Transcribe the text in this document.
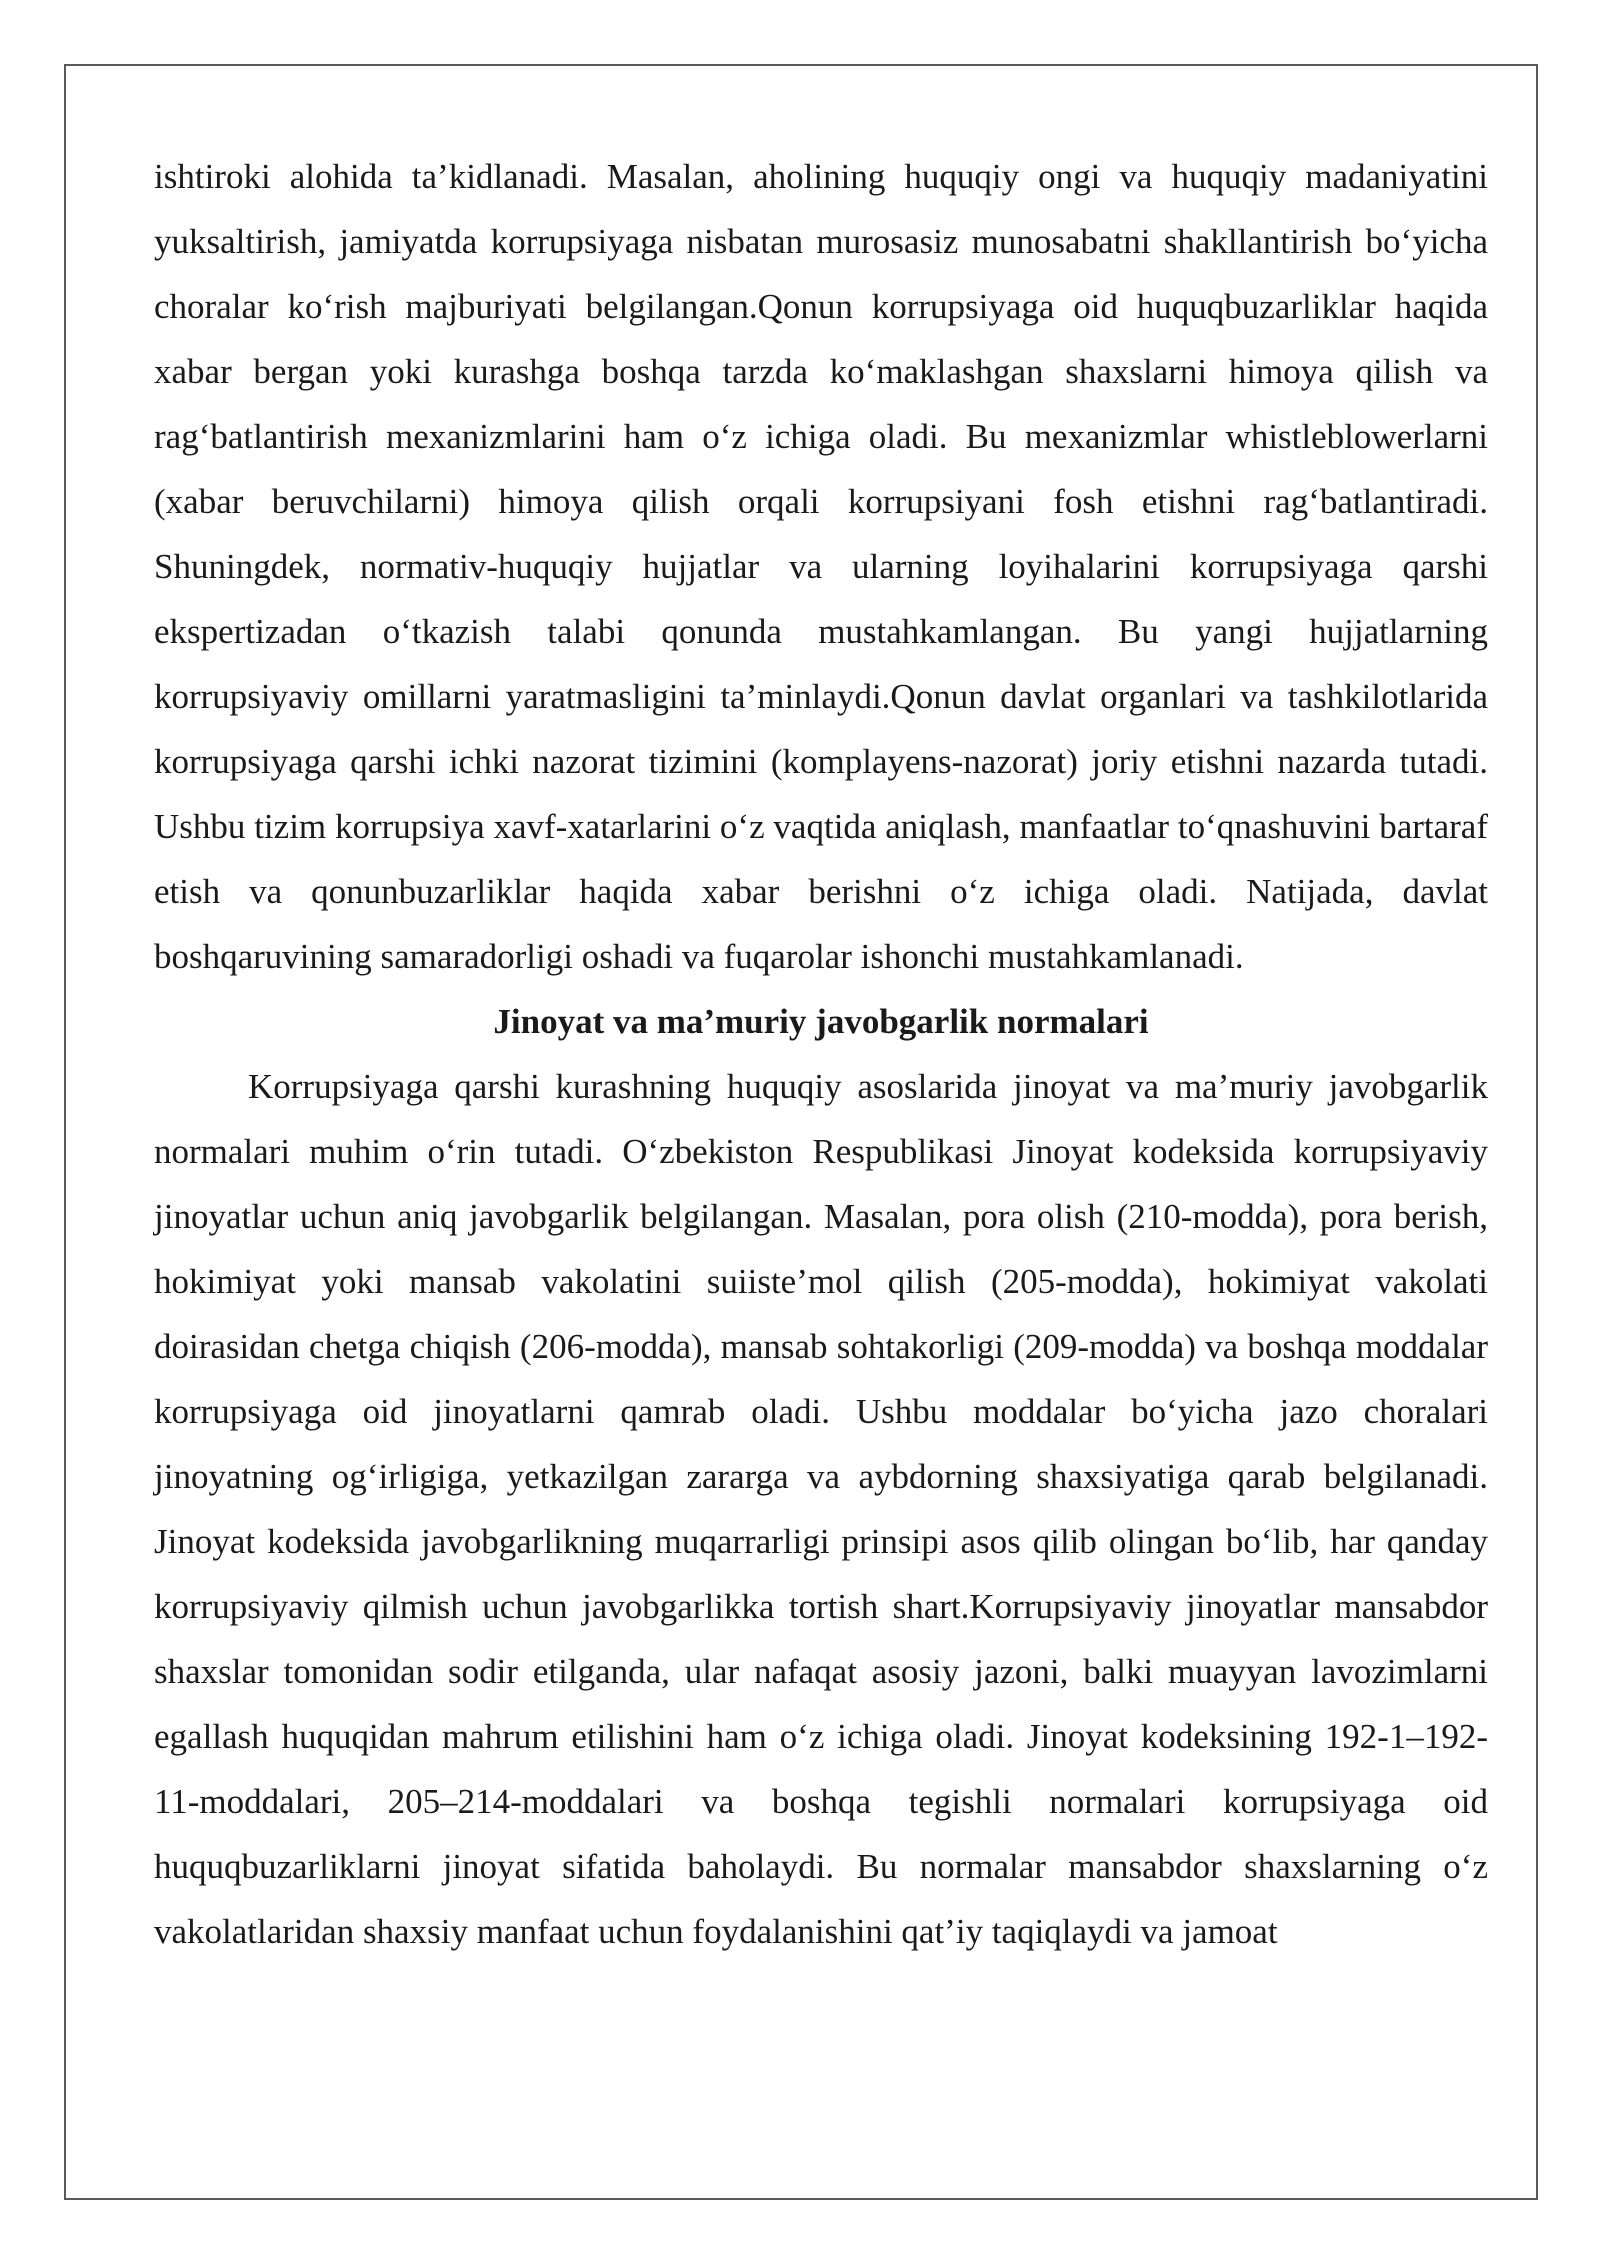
ishtiroki alohida ta’kidlanadi. Masalan, aholining huquqiy ongi va huquqiy madaniyatini yuksaltirish, jamiyatda korrupsiyaga nisbatan murosasiz munosabatni shakllantirish bo‘yicha choralar ko‘rish majburiyati belgilangan.Qonun korrupsiyaga oid huquqbuzarliklar haqida xabar bergan yoki kurashga boshqa tarzda ko‘maklashgan shaxslarni himoya qilish va rag‘batlantirish mexanizmlarini ham o‘z ichiga oladi. Bu mexanizmlar whistleblowerlarni (xabar beruvchilarni) himoya qilish orqali korrupsiyani fosh etishni rag‘batlantiradi. Shuningdek, normativ-huquqiy hujjatlar va ularning loyihalarini korrupsiyaga qarshi ekspertizadan o‘tkazish talabi qonunda mustahkamlangan. Bu yangi hujjatlarning korrupsiyaviy omillarni yaratmasligini ta’minlaydi.Qonun davlat organlari va tashkilotlarida korrupsiyaga qarshi ichki nazorat tizimini (komplayens-nazorat) joriy etishni nazarda tutadi. Ushbu tizim korrupsiya xavf-xatarlarini o‘z vaqtida aniqlash, manfaatlar to‘qnashuvini bartaraf etish va qonunbuzarliklar haqida xabar berishni o‘z ichiga oladi. Natijada, davlat boshqaruvining samaradorligi oshadi va fuqarolar ishonchi mustahkamlanadi.

Jinoyat va ma’muriy javobgarlik normalari

Korrupsiyaga qarshi kurashning huquqiy asoslarida jinoyat va ma’muriy javobgarlik normalari muhim o‘rin tutadi. O‘zbekiston Respublikasi Jinoyat kodeksida korrupsiyaviy jinoyatlar uchun aniq javobgarlik belgilangan. Masalan, pora olish (210-modda), pora berish, hokimiyat yoki mansab vakolatini suiiste’mol qilish (205-modda), hokimiyat vakolati doirasidan chetga chiqish (206-modda), mansab sohtakorligi (209-modda) va boshqa moddalar korrupsiyaga oid jinoyatlarni qamrab oladi. Ushbu moddalar bo‘yicha jazo choralari jinoyatning og‘irligiga, yetkazilgan zararga va aybdorning shaxsiyatiga qarab belgilanadi. Jinoyat kodeksida javobgarlikning muqarrarligi prinsipi asos qilib olingan bo‘lib, har qanday korrupsiyaviy qilmish uchun javobgarlikka tortish shart.Korrupsiyaviy jinoyatlar mansabdor shaxslar tomonidan sodir etilganda, ular nafaqat asosiy jazoni, balki muayyan lavozimlarni egallash huquqidan mahrum etilishini ham o‘z ichiga oladi. Jinoyat kodeksining 192-1–192-11-moddalari, 205–214-moddalari va boshqa tegishli normalari korrupsiyaga oid huquqbuzarliklarni jinoyat sifatida baholaydi. Bu normalar mansabdor shaxslarning o‘z vakolatlaridan shaxsiy manfaat uchun foydalanishini qat’iy taqiqlaydi va jamoat
